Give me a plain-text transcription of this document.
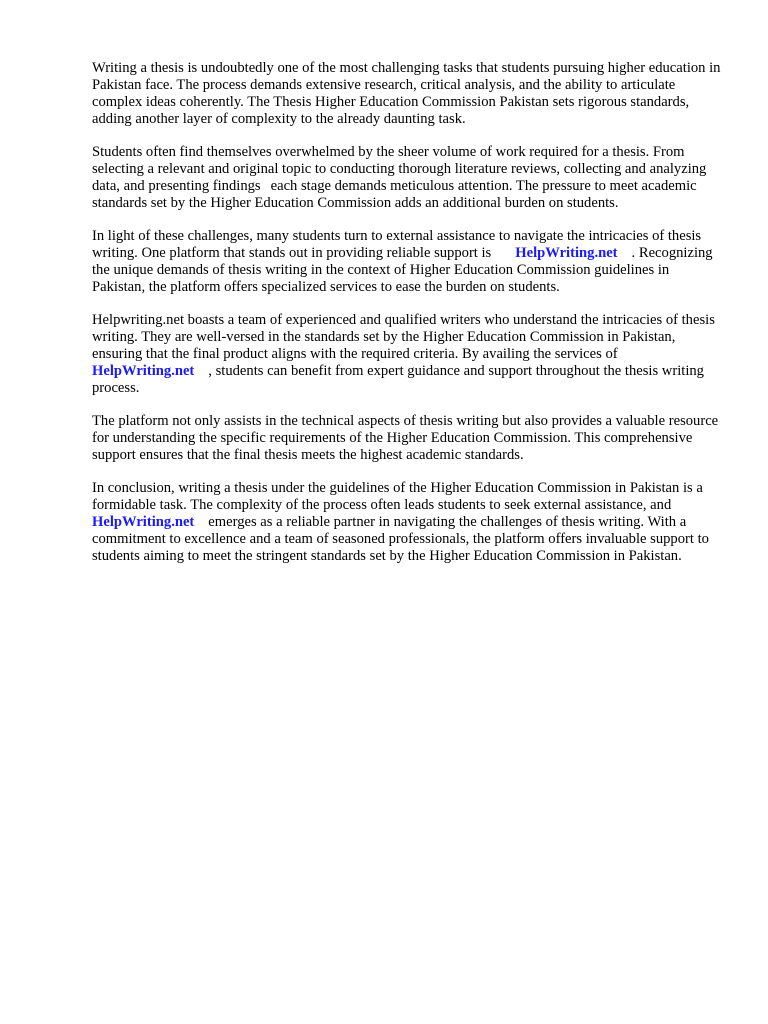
Writing a thesis is undoubtedly one of the most challenging tasks that students pursuing higher education in Pakistan face. The process demands extensive research, critical analysis, and the ability to articulate complex ideas coherently. The Thesis Higher Education Commission Pakistan sets rigorous standards, adding another layer of complexity to the already daunting task.

Students often find themselves overwhelmed by the sheer volume of work required for a thesis. From selecting a relevant and original topic to conducting thorough literature reviews, collecting and analyzing data, and presenting findings each stage demands meticulous attention. The pressure to meet academic standards set by the Higher Education Commission adds an additional burden on students.

In light of these challenges, many students turn to external assistance to navigate the intricacies of thesis writing. One platform that stands out in providing reliable support is HelpWriting.net . Recognizing the unique demands of thesis writing in the context of Higher Education Commission guidelines in Pakistan, the platform offers specialized services to ease the burden on students.

Helpwriting.net boasts a team of experienced and qualified writers who understand the intricacies of thesis writing. They are well-versed in the standards set by the Higher Education Commission in Pakistan, ensuring that the final product aligns with the required criteria. By availing the services ofHelpWriting.net , students can benefit from expert guidance and support throughout the thesis writing process.

The platform not only assists in the technical aspects of thesis writing but also provides a valuable resource for understanding the specific requirements of the Higher Education Commission. This comprehensive support ensures that the final thesis meets the highest academic standards.

In conclusion, writing a thesis under the guidelines of the Higher Education Commission in Pakistan is a formidable task. The complexity of the process often leads students to seek external assistance, andHelpWriting.net emerges as a reliable partner in navigating the challenges of thesis writing. With a commitment to excellence and a team of seasoned professionals, the platform offers invaluable support to students aiming to meet the stringent standards set by the Higher Education Commission in Pakistan.
